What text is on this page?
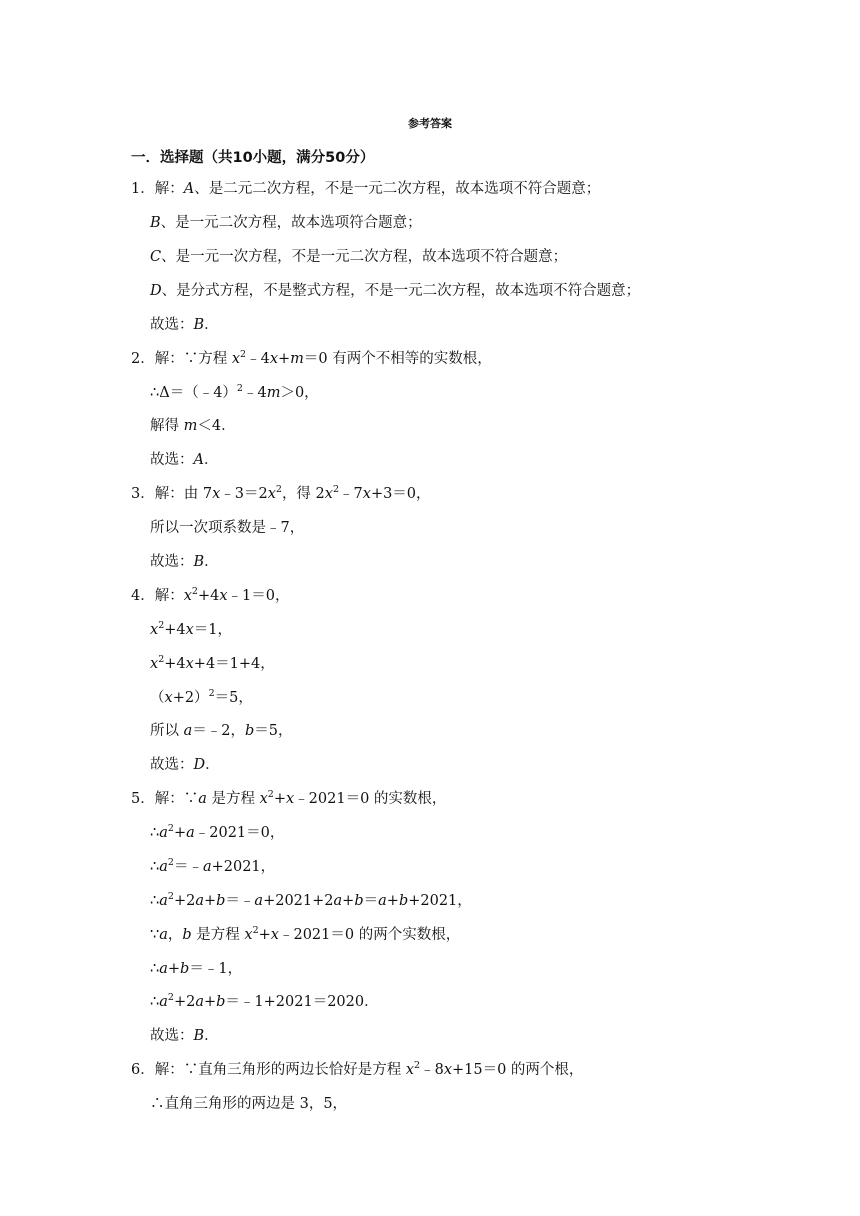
参考答案
一．选择题（共10小题，满分50分）
1．解：A、是二元二次方程，不是一元二次方程，故本选项不符合题意；
B、是一元二次方程，故本选项符合题意；
C、是一元一次方程，不是一元二次方程，故本选项不符合题意；
D、是分式方程，不是整式方程，不是一元二次方程，故本选项不符合题意；
故选：B．
2．解：∵方程 $x^2﹣4x+m=0$ 有两个不相等的实数根，
∴Δ＝（﹣4）$^2$﹣4m＞0，
解得 m＜4．
故选：A．
3．解：由 $7x﹣3=2x^2$，得 $2x^2﹣7x+3=0$，
所以一次项系数是﹣7，
故选：B．
4．解：$x^2+4x﹣1=0$，
$x^2+4x=1$，
$x^2+4x+4=1+4$，
$(x+2)^2=5$，
所以 a＝﹣2，b＝5，
故选：D．
5．解：∵a 是方程 $x^2+x﹣2021=0$ 的实数根，
$\therefore a^2+a﹣2021=0$，
$\therefore a^2=﹣a+2021$，
$\therefore a^2+2a+b=﹣a+2021+2a+b=a+b+2021$，
∵a，b 是方程 $x^2+x﹣2021=0$ 的两个实数根，
∴a+b＝﹣1，
$\therefore a^2+2a+b=﹣1+2021=2020$．
故选：B．
6．解：∵直角三角形的两边长恰好是方程 $x^2﹣8x+15=0$ 的两个根，
∴直角三角形的两边是 3，5，
